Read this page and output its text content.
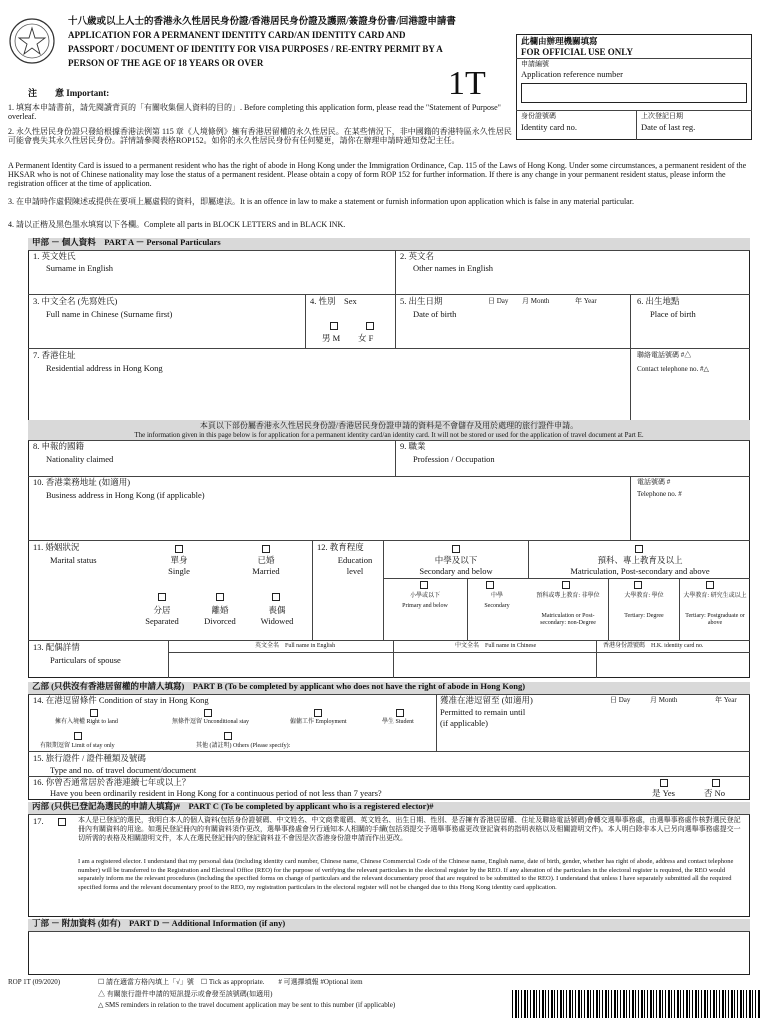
十八歲或以上人士的香港永久性居民身份證/香港居民身份證及護照/簽證身份書/回港證申請書
APPLICATION FOR A PERMANENT IDENTITY CARD/AN IDENTITY CARD AND
PASSPORT / DOCUMENT OF IDENTITY FOR VISA PURPOSES / RE-ENTRY PERMIT BY A
PERSON OF THE AGE OF 18 YEARS OR OVER
1T
此欄由辦理機關填寫
FOR OFFICIAL USE ONLY
申請編號
Application reference number
身份證號碼
Identity card no.
上次登記日期
Date of last reg.
注　　意 Important:
1. 填寫本申請書前，請先閱讀背頁的「有關收集個人資料的目的」. Before completing this application form, please read the "Statement of Purpose" overleaf.
2. 永久性居民身份證只發給根據香港法例第 115 章《人境條例》擁有香港居留權的永久性居民。在某些情況下，非中國籍的香港特區永久性居民可能會喪失其永久性居民身份。詳情請參閱表格ROP152。如你的永久性居民身份有任何變更，請你在辦理申請時通知登記主任。
A Permanent Identity Card is issued to a permanent resident who has the right of abode in Hong Kong under the Immigration Ordinance, Cap. 115 of the Laws of Hong Kong. Under some circumstances, a permanent resident of the HKSAR who is not of Chinese nationality may lose the status of a permanent resident. Please obtain a copy of form ROP 152 for further information. If there is any change in your permanent resident status, please inform the registration officer at the time of application.
3. 在申請時作虛假陳述或提供在要項上屬虛假的資料，即屬違法。It is an offence in law to make a statement or furnish information upon application which is false in any material particular.
4. 請以正楷及黑色墨水填寫以下各欄。Complete all parts in BLOCK LETTERS and in BLACK INK.
甲部 － 個人資料　PART A － Personal Particulars
1. 英文姓氏
Surname in English
2. 英文名
Other names in English
3. 中文全名 (先寫姓氏)
Full name in Chinese (Surname first)
4. 性別　Sex
男 M 女 F
5. 出生日期
Date of birth
日 Day 月 Month	年 Year	6. 出生地點
Place of birth
7. 香港住址
Residential address in Hong Kong
聯絡電話號碼 #△
Contact telephone no. #△
本頁以下部份屬香港永久性居民身份證/香港居民身份證申請的資料是不會儲存及用於處理的旅行證件申請。
The information given in this page below is for application for a permanent identity card/an identity card. It will not be stored or used for the application of travel document at Part E.
8. 申報的國籍
Nationality claimed
9. 職業
Profession / Occupation
10. 香港業務地址 (如適用)
Business address in Hong Kong (if applicable)
電話號碼 #
Telephone no. #
11. 婚姻狀況
Marital status	單身
Single
已婚
Married
分居
Separated
離婚
Divorced
喪偶
Widowed
12. 教育程度
Education
level
中學及以下
Secondary and below
預科、專上教育及以上
Matriculation, Post-secondary and above
小學或以下
Primary and below
中學
Secondary
預科或專上教育: 非學位
Matriculation or Post-secondary: non-Degree
大學教育: 學位
Tertiary: Degree
大學教育: 研究生或以上
Tertiary: Postgraduate or above
13. 配偶詳情
Particulars of spouse
英文全名　Full name in English	中文全名　Full name in Chinese	香港身份證號碼　H.K. identity card no.
乙部 (只供沒有香港居留權的申請人填寫)　PART B (To be completed by applicant who does not have the right of abode in Hong Kong)
14. 在港逗留條件 Condition of stay in Hong Kong
擁有入境權 Right to land	無條件逗留 Unconditional stay	僱傭工作 Employment	學生 Student
有限期逗留 Limit of stay only	其他 (請註明) Others (Please specify):
獲准在港逗留至 (如適用)
Permitted to remain until
(if applicable)
日 Day	月 Month	年 Year
15. 旅行證件 / 證件種類及號碼
Type and no. of travel document/document
16. 你曾否通常居於香港連續七年或以上？
Have you been ordinarily resident in Hong Kong for a continuous period of not less than 7 years?	是 Yes	否 No
丙部 (只供已登記為選民的申請人填寫)#　PART C (To be completed by applicant who is a registered elector)#
17.	本人是已登記的選民，我明白本人的個人資料(包括身份證號碼、中文姓名、中文商業電碼、英文姓名、出生日期、性別、是否擁有香港居留權、住址及聯絡電話號碼)會轉交選舉事務處，由選舉事務處作核對選民登記冊內有關資料的用途。如選民登記冊內的有關資料須作更改，選舉事務處會另行通知本人相關的手續(包括須提交予選舉事務處更改登記資料的指明表格以及相關證明文件)。本人明白除非本人已另向選舉事務處提交一切所需的表格及相關證明文件，本人在選民登記冊內的登記資料並不會因是次香港身份證申請而作出更改。
I am a registered elector. I understand that my personal data (including identity card number, Chinese name, Chinese Commercial Code of the Chinese name, English name, date of birth, gender, whether has right of abode, address and contact telephone number) will be transferred to the Registration and Electoral Office (REO) for the purpose of verifying the relevant particulars in the electoral register by the REO. If any alteration of the particulars in the electoral register is required, the REO would separately inform me the relevant procedures (including the specified forms on change of particulars and the relevant documentary proof that are required to be submitted to the REO). I understand that unless I have separately submitted all the required specified forms and the relevant documentary proof to the REO, my registration particulars in the electoral register will not be changed due to this Hong Kong identity card application.
丁部 － 附加資料 (如有)　PART D － Additional Information (if any)
ROP 1T (09/2020)	☐ 請在適當方格內填上「√」號　☐ Tick as appropriate.　　# 可選擇填報 #Optional item
△ 有關旅行證件申請的短訊提示或會發至該號碼(如適用)
△ SMS reminders in relation to the travel document application may be sent to this number (if applicable)
